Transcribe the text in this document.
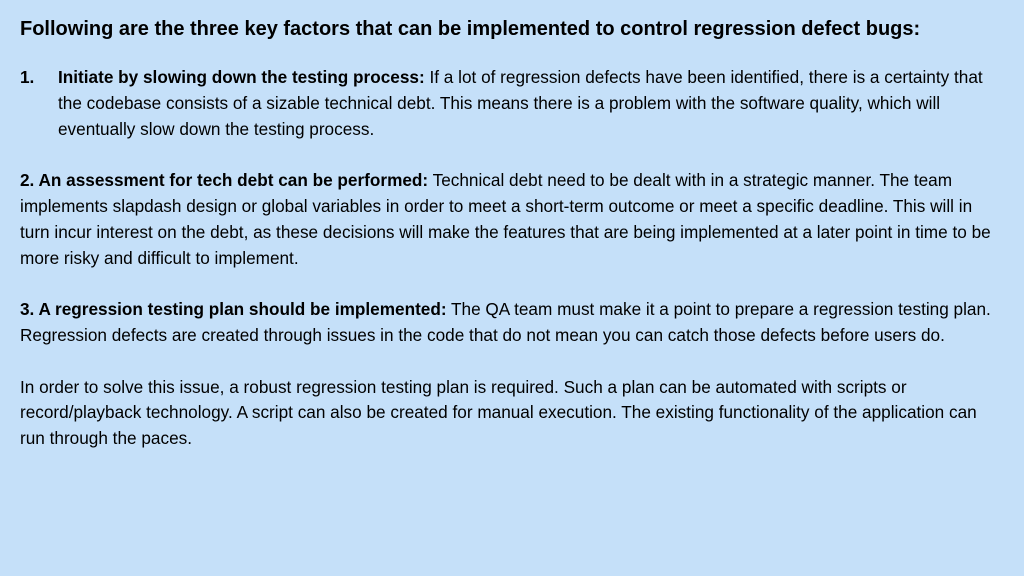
Following are the three key factors that can be implemented to control regression defect bugs:
1.	Initiate by slowing down the testing process: If a lot of regression defects have been identified, there is a certainty that the codebase consists of a sizable technical debt. This means there is a problem with the software quality, which will eventually slow down the testing process.
2. An assessment for tech debt can be performed: Technical debt need to be dealt with in a strategic manner. The team implements slapdash design or global variables in order to meet a short-term outcome or meet a specific deadline. This will in turn incur interest on the debt, as these decisions will make the features that are being implemented at a later point in time to be more risky and difficult to implement.
3. A regression testing plan should be implemented: The QA team must make it a point to prepare a regression testing plan. Regression defects are created through issues in the code that do not mean you can catch those defects before users do.
In order to solve this issue, a robust regression testing plan is required. Such a plan can be automated with scripts or record/playback technology. A script can also be created for manual execution. The existing functionality of the application can run through the paces.
